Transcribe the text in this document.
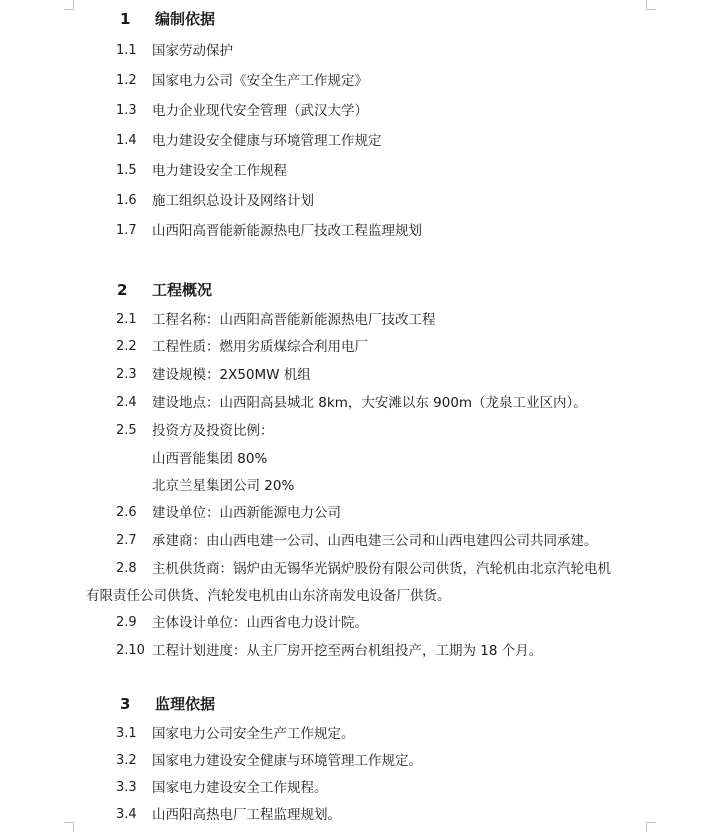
1 编制依据
1.1 国家劳动保护
1.2 国家电力公司《安全生产工作规定》
1.3 电力企业现代安全管理（武汉大学）
1.4 电力建设安全健康与环境管理工作规定
1.5 电力建设安全工作规程
1.6 施工组织总设计及网络计划
1.7 山西阳高晋能新能源热电厂技改工程监理规划
2 工程概况
2.1 工程名称：山西阳高晋能新能源热电厂技改工程
2.2 工程性质：燃用劣质煤综合利用电厂
2.3 建设规模：2X50MW 机组
2.4 建设地点：山西阳高县城北 8km，大安滩以东 900m（龙泉工业区内）。
2.5 投资方及投资比例：
山西晋能集团 80%
北京兰星集团公司 20%
2.6 建设单位：山西新能源电力公司
2.7 承建商：由山西电建一公司、山西电建三公司和山西电建四公司共同承建。
2.8 主机供货商：锅炉由无锡华光锅炉股份有限公司供货，汽轮机由北京汽轮电机
有限责任公司供货、汽轮发电机由山东济南发电设备厂供货。
2.9 主体设计单位：山西省电力设计院。
2.10 工程计划进度：从主厂房开挖至两台机组投产，工期为 18 个月。
3 监理依据
3.1 国家电力公司安全生产工作规定。
3.2 国家电力建设安全健康与环境管理工作规定。
3.3 国家电力建设安全工作规程。
3.4 山西阳高热电厂工程监理规划。
